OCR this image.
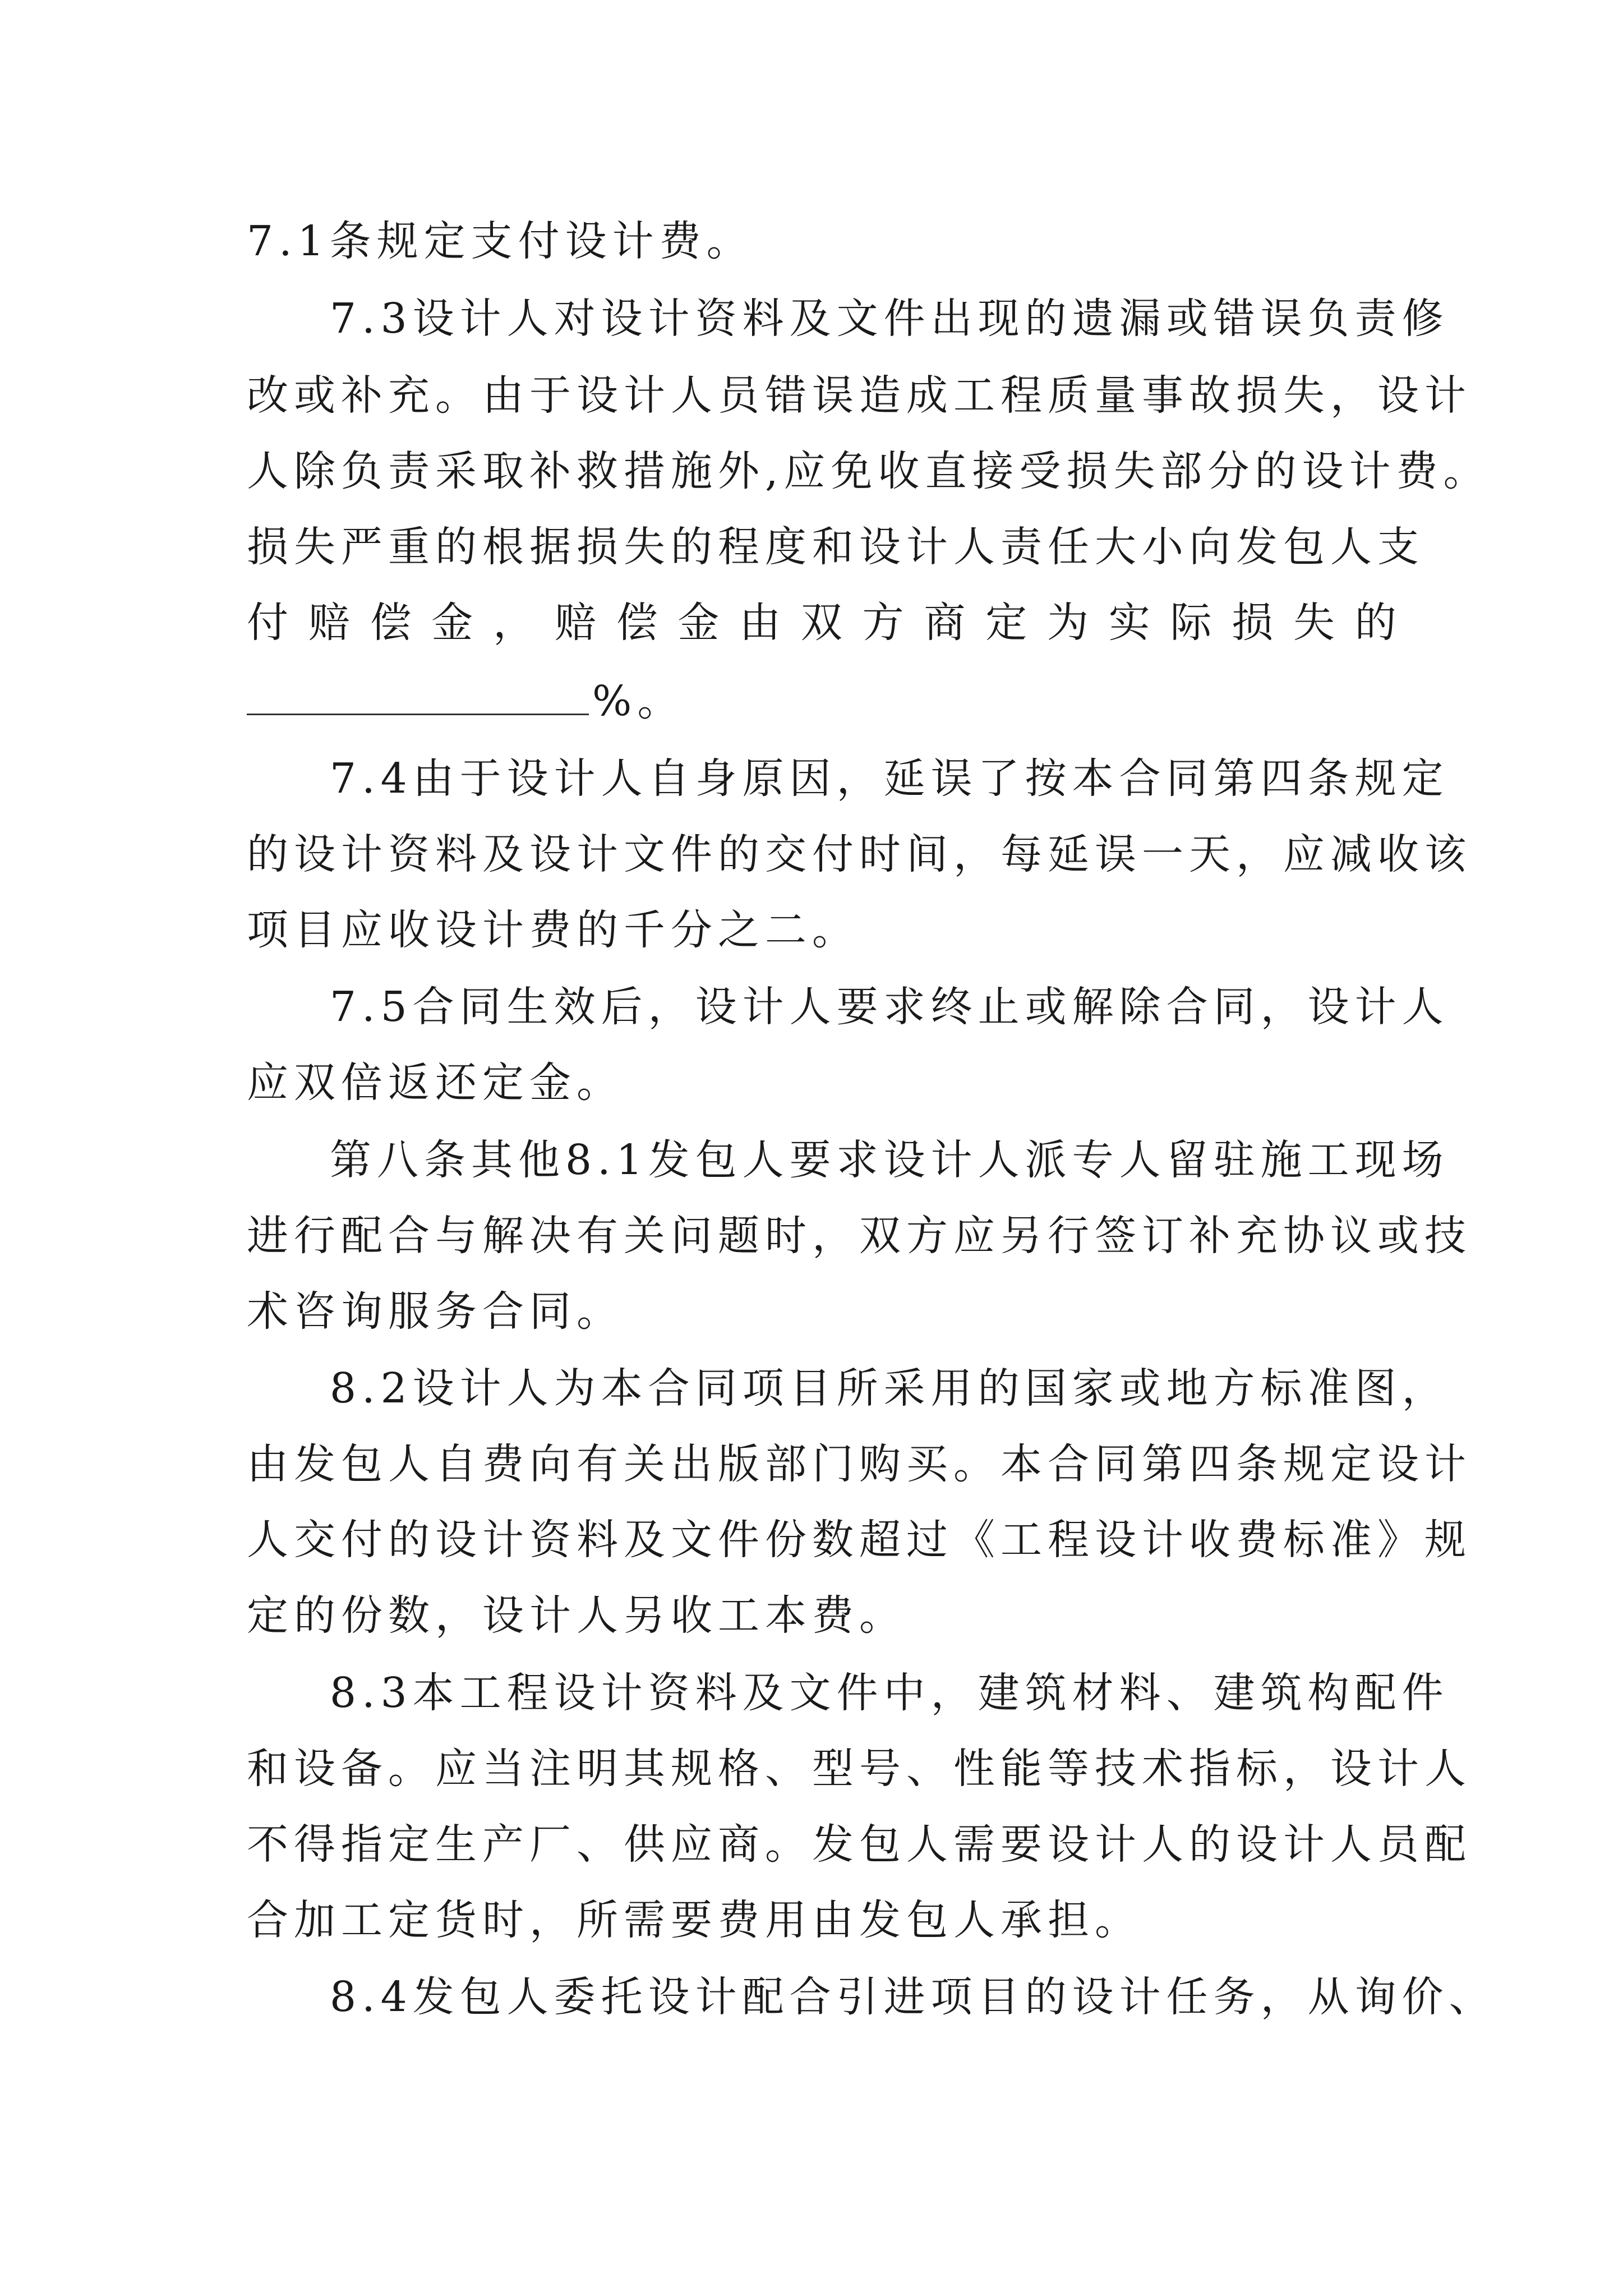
7.1条规定支付设计费。
7.3设计人对设计资料及文件出现的遗漏或错误负责修
改或补充。由于设计人员错误造成工程质量事故损失，设计
人除负责采取补救措施外,应免收直接受损失部分的设计费。
损失严重的根据损失的程度和设计人责任大小向发包人支
付 赔 偿 金 ， 赔 偿 金 由 双 方 商 定 为 实 际 损 失 的
%。
7.4由于设计人自身原因，延误了按本合同第四条规定
的设计资料及设计文件的交付时间，每延误一天，应减收该
项目应收设计费的千分之二。
7.5合同生效后，设计人要求终止或解除合同，设计人
应双倍返还定金。
第八条其他8.1发包人要求设计人派专人留驻施工现场
进行配合与解决有关问题时，双方应另行签订补充协议或技
术咨询服务合同。
8.2设计人为本合同项目所采用的国家或地方标准图，
由发包人自费向有关出版部门购买。本合同第四条规定设计
人交付的设计资料及文件份数超过《工程设计收费标准》规
定的份数，设计人另收工本费。
8.3本工程设计资料及文件中，建筑材料、建筑构配件
和设备。应当注明其规格、型号、性能等技术指标，设计人
不得指定生产厂、供应商。发包人需要设计人的设计人员配
合加工定货时，所需要费用由发包人承担。
8.4发包人委托设计配合引进项目的设计任务，从询价、
